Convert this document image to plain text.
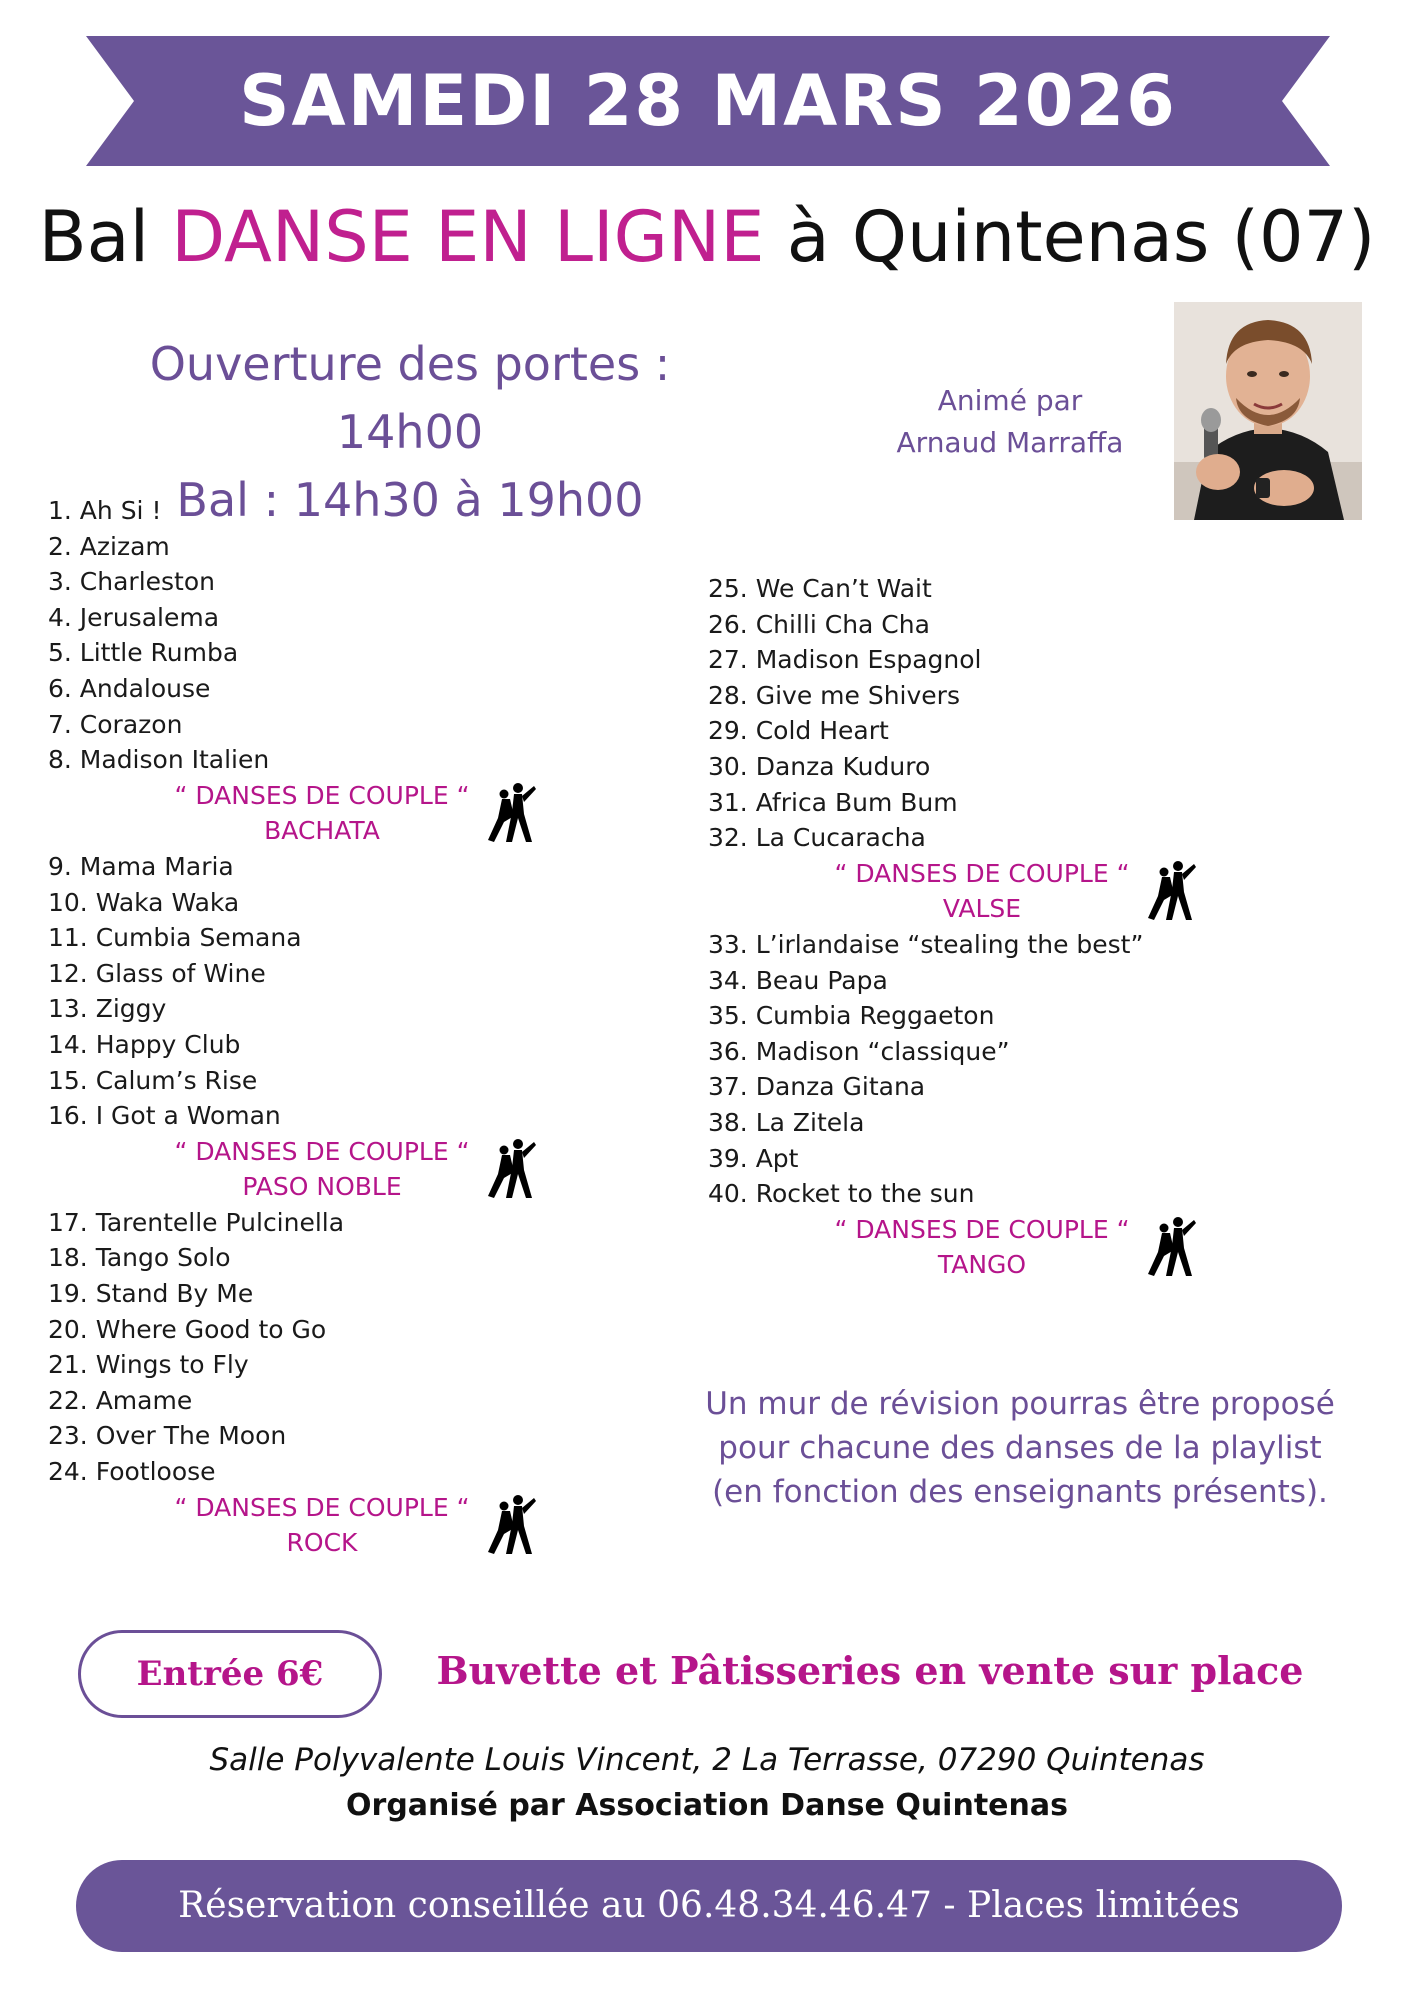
SAMEDI 28 MARS 2026
Bal DANSE EN LIGNE à Quintenas (07)
Ouverture des portes : 14h00
Bal : 14h30 à 19h00
Animé par
Arnaud Marraffa
1. Ah Si !
2. Azizam
3. Charleston
4. Jerusalema
5. Little Rumba
6. Andalouse
7. Corazon
8. Madison Italien
“ DANSES DE COUPLE “
BACHATA
9. Mama Maria
10. Waka Waka
11. Cumbia Semana
12. Glass of Wine
13. Ziggy
14. Happy Club
15. Calum’s Rise
16. I Got a Woman
“ DANSES DE COUPLE “
PASO NOBLE
17. Tarentelle Pulcinella
18. Tango Solo
19. Stand By Me
20. Where Good to Go
21. Wings to Fly
22. Amame
23. Over The Moon
24. Footloose
“ DANSES DE COUPLE “
ROCK
25. We Can’t Wait
26. Chilli Cha Cha
27. Madison Espagnol
28. Give me Shivers
29. Cold Heart
30. Danza Kuduro
31. Africa Bum Bum
32. La Cucaracha
“ DANSES DE COUPLE “
VALSE
33. L’irlandaise “stealing the best”
34. Beau Papa
35. Cumbia Reggaeton
36. Madison “classique”
37. Danza Gitana
38. La Zitela
39. Apt
40. Rocket to the sun
“ DANSES DE COUPLE “
TANGO
Un mur de révision pourras être proposé
pour chacune des danses de la playlist
(en fonction des enseignants présents).
Entrée 6€	Buvette et Pâtisseries en vente sur place
Salle Polyvalente Louis Vincent, 2 La Terrasse, 07290 Quintenas
Organisé par Association Danse Quintenas
Réservation conseillée au 06.48.34.46.47 - Places limitées
